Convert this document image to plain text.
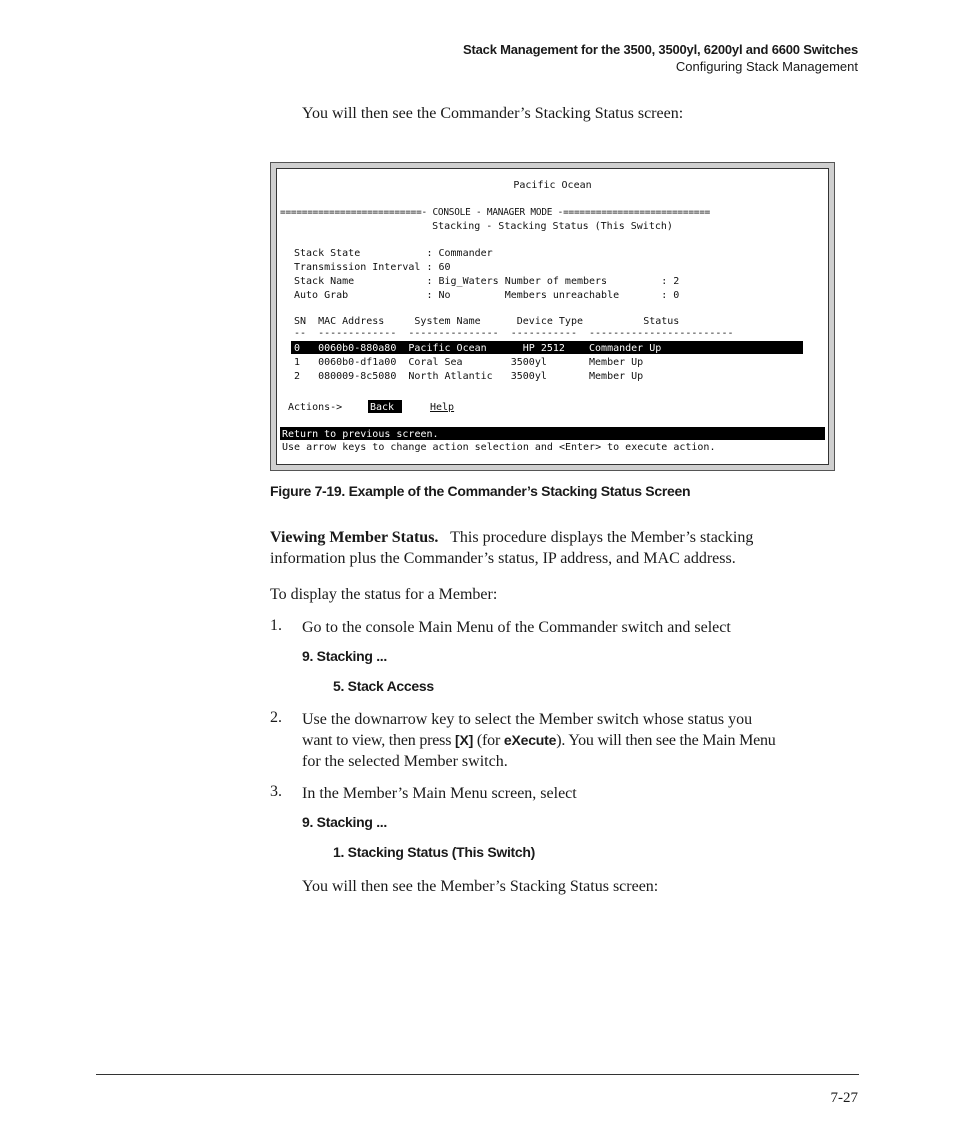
Stack Management for the 3500, 3500yl, 6200yl and 6600 Switches
Configuring Stack Management
You will then see the Commander’s Stacking Status screen:
Pacific Ocean
==========================- CONSOLE - MANAGER MODE -===========================
Stacking - Stacking Status (This Switch)
Stack State           : Commander
Transmission Interval : 60
Stack Name            : Big_Waters Number of members         : 2
Auto Grab             : No         Members unreachable       : 0
SN  MAC Address     System Name      Device Type          Status
--  -------------  ---------------  -----------  ------------------------
0   0060b0-880a80  Pacific Ocean      HP 2512    Commander Up
1   0060b0-df1a00  Coral Sea        3500yl       Member Up
2   080009-8c5080  North Atlantic   3500yl       Member Up
Actions->	Back	Help
Return to previous screen.
Use arrow keys to change action selection and <Enter> to execute action.
Figure 7-19. Example of the Commander’s Stacking Status Screen
Viewing Member Status. This procedure displays the Member’s stacking
information plus the Commander’s status, IP address, and MAC address.
To display the status for a Member:
1. Go to the console Main Menu of the Commander switch and select
9. Stacking ...
5. Stack Access
2. Use the downarrow key to select the Member switch whose status you
want to view, then press [X] (for eXecute). You will then see the Main Menu
for the selected Member switch.
3. In the Member’s Main Menu screen, select
9. Stacking ...
1. Stacking Status (This Switch)
You will then see the Member’s Stacking Status screen:
7-27
